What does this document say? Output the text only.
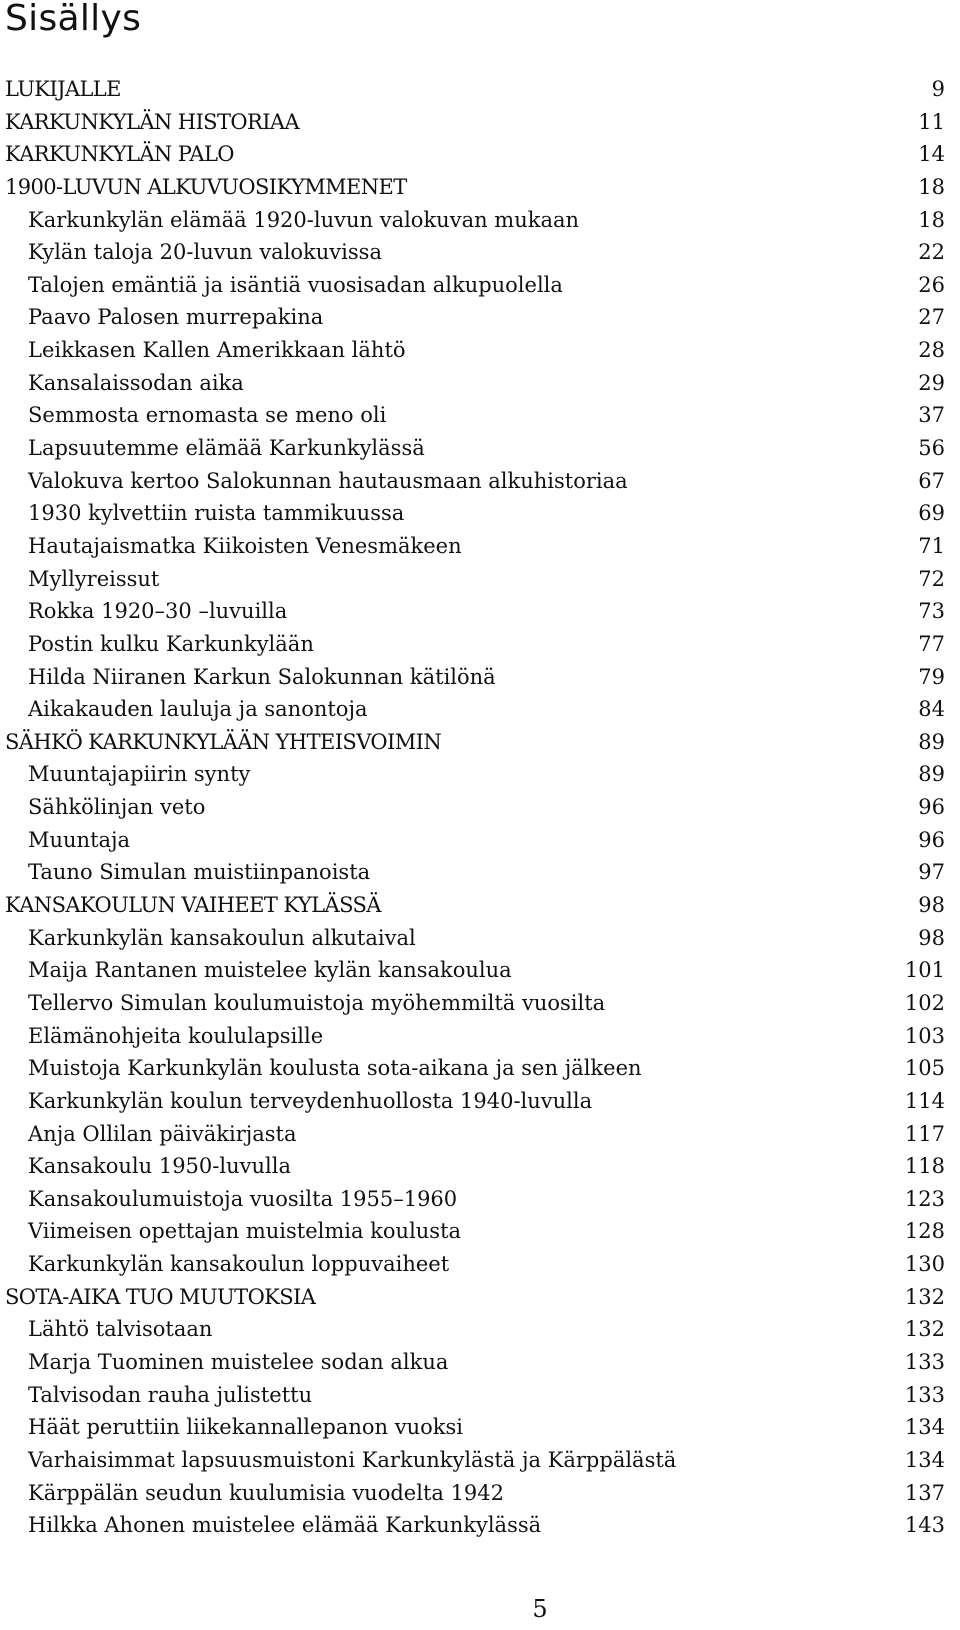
Sisällys
LUKIJALLE	9
KARKUNKYLÄN HISTORIAA	11
KARKUNKYLÄN PALO	14
1900-LUVUN ALKUVUOSIKYMMENET	18
Karkunkylän elämää 1920-luvun valokuvan mukaan	18
Kylän taloja 20-luvun valokuvissa	22
Talojen emäntiä ja isäntiä vuosisadan alkupuolella	26
Paavo Palosen murrepakina	27
Leikkasen Kallen Amerikkaan lähtö	28
Kansalaissodan aika	29
Semmosta ernomasta se meno oli	37
Lapsuutemme elämää Karkunkylässä	56
Valokuva kertoo Salokunnan hautausmaan alkuhistoriaa	67
1930 kylvettiin ruista tammikuussa	69
Hautajaismatka Kiikoisten Venesmäkeen	71
Myllyreissut	72
Rokka 1920–30 –luvuilla	73
Postin kulku Karkunkylään	77
Hilda Niiranen Karkun Salokunnan kätilönä	79
Aikakauden lauluja ja sanontoja	84
SÄHKÖ KARKUNKYLÄÄN YHTEISVOIMIN	89
Muuntajapiirin synty	89
Sähkölinjan veto	96
Muuntaja	96
Tauno Simulan muistiinpanoista	97
KANSAKOULUN VAIHEET KYLÄSSÄ	98
Karkunkylän kansakoulun alkutaival	98
Maija Rantanen muistelee kylän kansakoulua	101
Tellervo Simulan koulumuistoja myöhemmiltä vuosilta	102
Elämänohjeita koululapsille	103
Muistoja Karkunkylän koulusta sota-aikana ja sen jälkeen	105
Karkunkylän koulun terveydenhuollosta 1940-luvulla	114
Anja Ollilan päiväkirjasta	117
Kansakoulu 1950-luvulla	118
Kansakoulumuistoja vuosilta 1955–1960	123
Viimeisen opettajan muistelmia koulusta	128
Karkunkylän kansakoulun loppuvaiheet	130
SOTA-AIKA TUO MUUTOKSIA	132
Lähtö talvisotaan	132
Marja Tuominen muistelee sodan alkua	133
Talvisodan rauha julistettu	133
Häät peruttiin liikekannallepanon vuoksi	134
Varhaisimmat lapsuusmuistoni Karkunkylästä ja Kärppälästä	134
Kärppälän seudun kuulumisia vuodelta 1942	137
Hilkka Ahonen muistelee elämää Karkunkylässä	143
5
